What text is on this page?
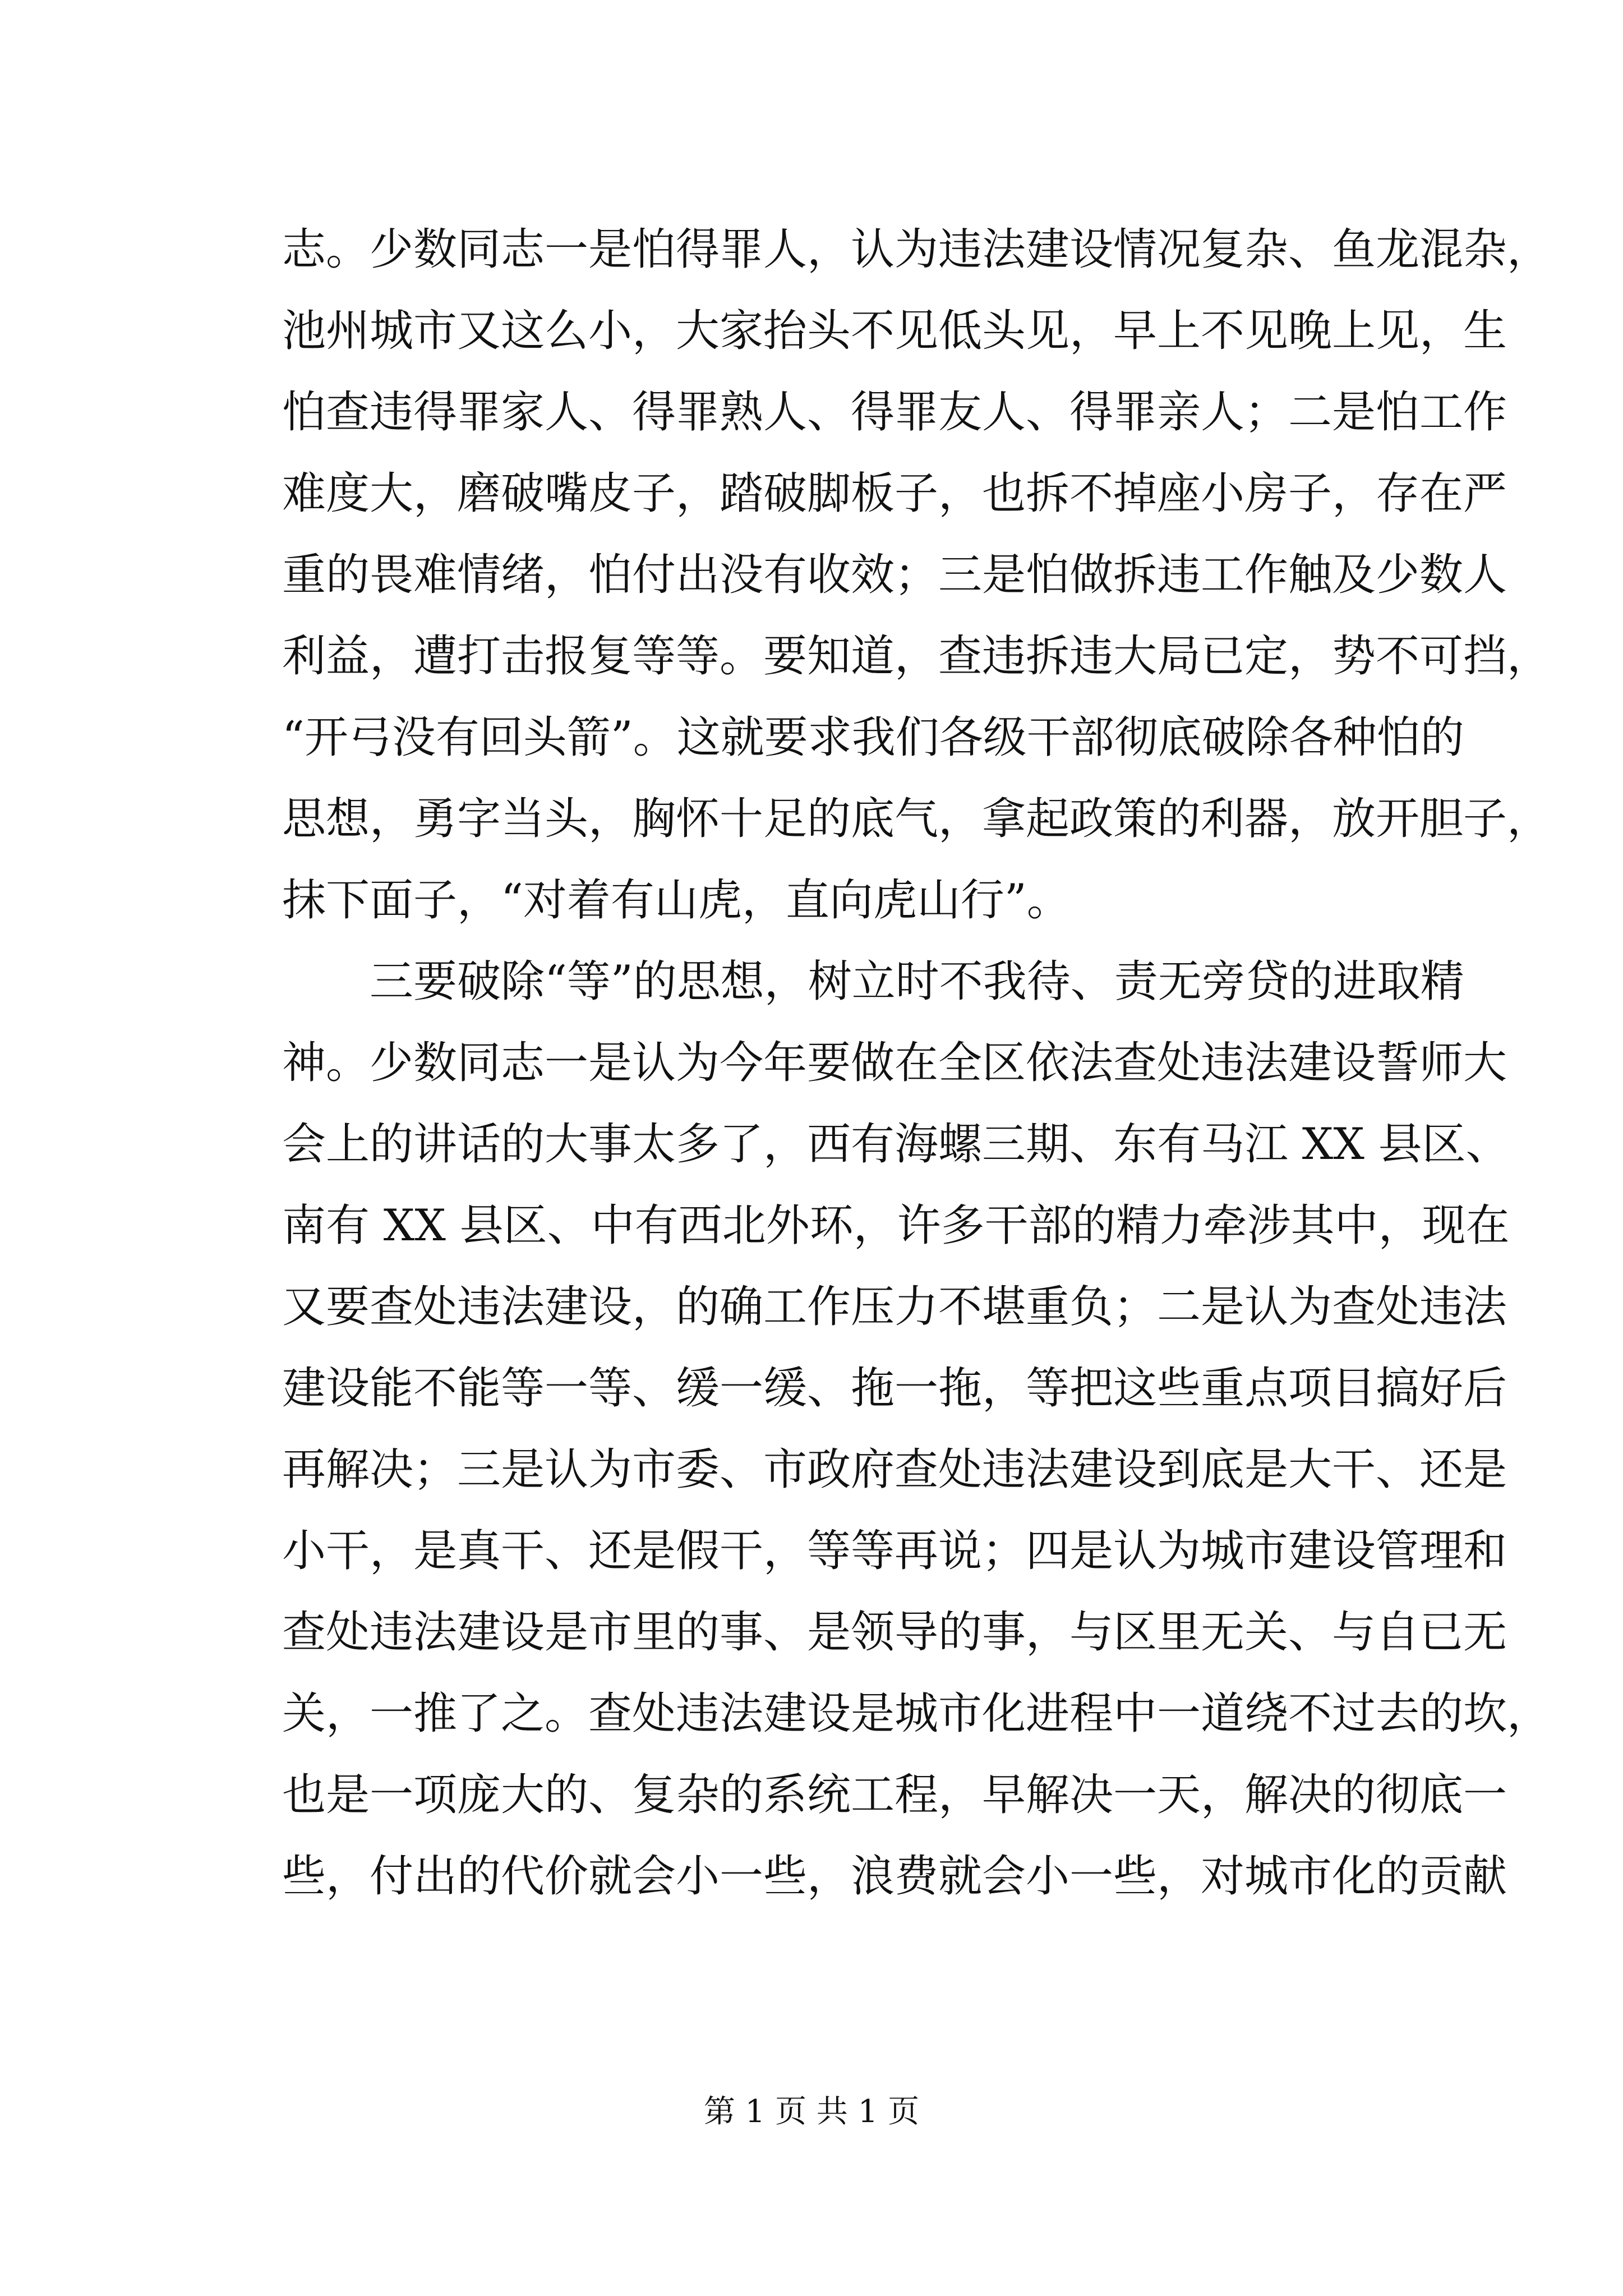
志。少数同志一是怕得罪人，认为违法建设情况复杂、鱼龙混杂，
池州城市又这么小，大家抬头不见低头见，早上不见晚上见，生
怕查违得罪家人、得罪熟人、得罪友人、得罪亲人；二是怕工作
难度大，磨破嘴皮子，踏破脚板子，也拆不掉座小房子，存在严
重的畏难情绪，怕付出没有收效；三是怕做拆违工作触及少数人
利益，遭打击报复等等。要知道，查违拆违大局已定，势不可挡，
“开弓没有回头箭”。这就要求我们各级干部彻底破除各种怕的
思想，勇字当头，胸怀十足的底气，拿起政策的利器，放开胆子，
抹下面子，“对着有山虎，直向虎山行”。
三要破除“等”的思想，树立时不我待、责无旁贷的进取精
神。少数同志一是认为今年要做在全区依法查处违法建设誓师大
会上的讲话的大事太多了，西有海螺三期、东有马江 XX 县区、
南有 XX 县区、中有西北外环，许多干部的精力牵涉其中，现在
又要查处违法建设，的确工作压力不堪重负；二是认为查处违法
建设能不能等一等、缓一缓、拖一拖，等把这些重点项目搞好后
再解决；三是认为市委、市政府查处违法建设到底是大干、还是
小干，是真干、还是假干，等等再说；四是认为城市建设管理和
查处违法建设是市里的事、是领导的事，与区里无关、与自已无
关，一推了之。查处违法建设是城市化进程中一道绕不过去的坎，
也是一项庞大的、复杂的系统工程，早解决一天，解决的彻底一
些，付出的代价就会小一些，浪费就会小一些，对城市化的贡献
第 1 页 共 1 页
